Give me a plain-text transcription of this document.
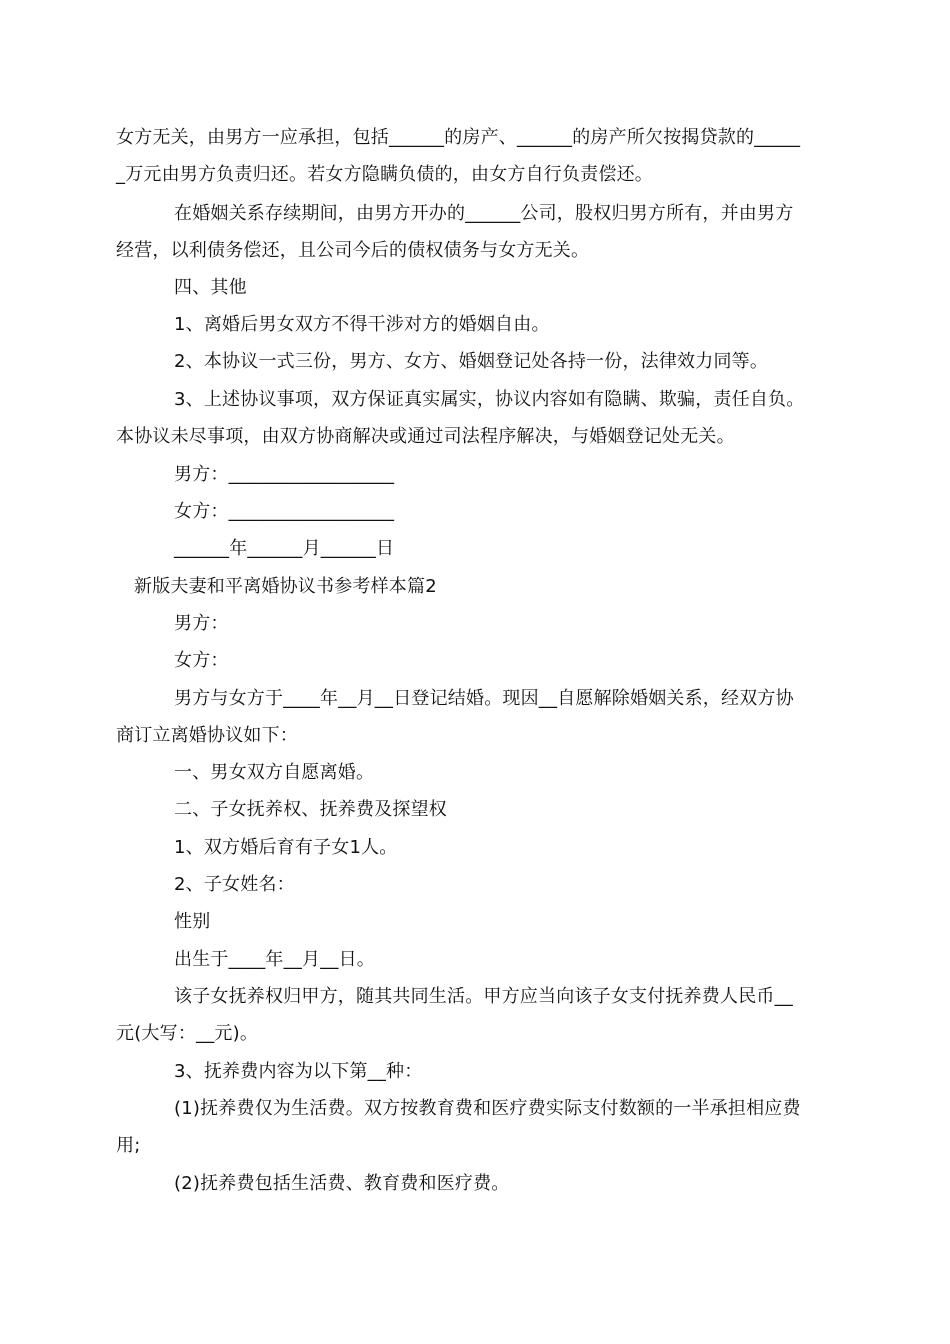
女方无关，由男方一应承担，包括______的房产、______的房产所欠按揭贷款的_____
_万元由男方负责归还。若女方隐瞒负债的，由女方自行负责偿还。
在婚姻关系存续期间，由男方开办的______公司，股权归男方所有，并由男方
经营，以利债务偿还，且公司今后的债权债务与女方无关。
四、其他
1、离婚后男女双方不得干涉对方的婚姻自由。
2、本协议一式三份，男方、女方、婚姻登记处各持一份，法律效力同等。
3、上述协议事项，双方保证真实属实，协议内容如有隐瞒、欺骗，责任自负。
本协议未尽事项，由双方协商解决或通过司法程序解决，与婚姻登记处无关。
男方：__________________
女方：__________________
______年______月______日
新版夫妻和平离婚协议书参考样本篇2
男方：
女方：
男方与女方于____年__月__日登记结婚。现因__自愿解除婚姻关系，经双方协
商订立离婚协议如下：
一、男女双方自愿离婚。
二、子女抚养权、抚养费及探望权
1、双方婚后育有子女1人。
2、子女姓名：
性别
出生于____年__月__日。
该子女抚养权归甲方，随其共同生活。甲方应当向该子女支付抚养费人民币__
元(大写：__元)。
3、抚养费内容为以下第__种：
(1)抚养费仅为生活费。双方按教育费和医疗费实际支付数额的一半承担相应费
用;
(2)抚养费包括生活费、教育费和医疗费。
